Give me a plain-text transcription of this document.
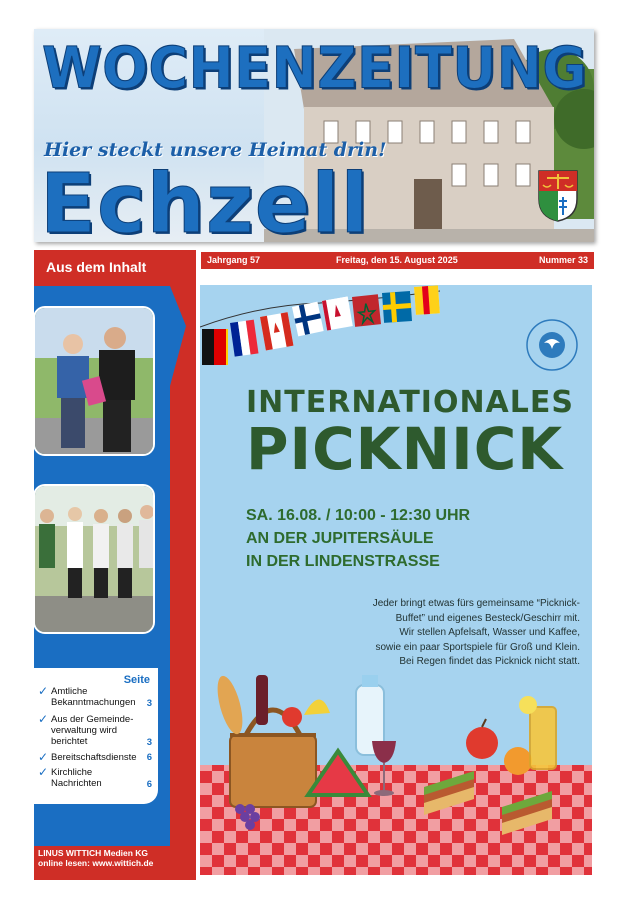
WOCHENZEITUNG
Hier steckt unsere Heimat drin!
Echzell
Aus dem Inhalt
Seite
✓ Amtliche Bekanntmachungen	3
✓ Aus der Gemeinde-verwaltung wird berichtet	3
✓ Bereitschaftsdienste	6
✓ Kirchliche Nachrichten	6
LINUS WITTICH Medien KG
online lesen: www.wittich.de
Jahrgang 57	Freitag, den 15. August 2025	Nummer 33
INTERNATIONALES
PICKNICK
SA. 16.08. / 10:00 - 12:30 UHR
AN DER JUPITERSÄULE
IN DER LINDENSTRASSE
Jeder bringt etwas fürs gemeinsame “Picknick-
Buffet” und eigenes Besteck/Geschirr mit.
Wir stellen Apfelsaft, Wasser und Kaffee,
sowie ein paar Sportspiele für Groß und Klein.
Bei Regen findet das Picknick nicht statt.
